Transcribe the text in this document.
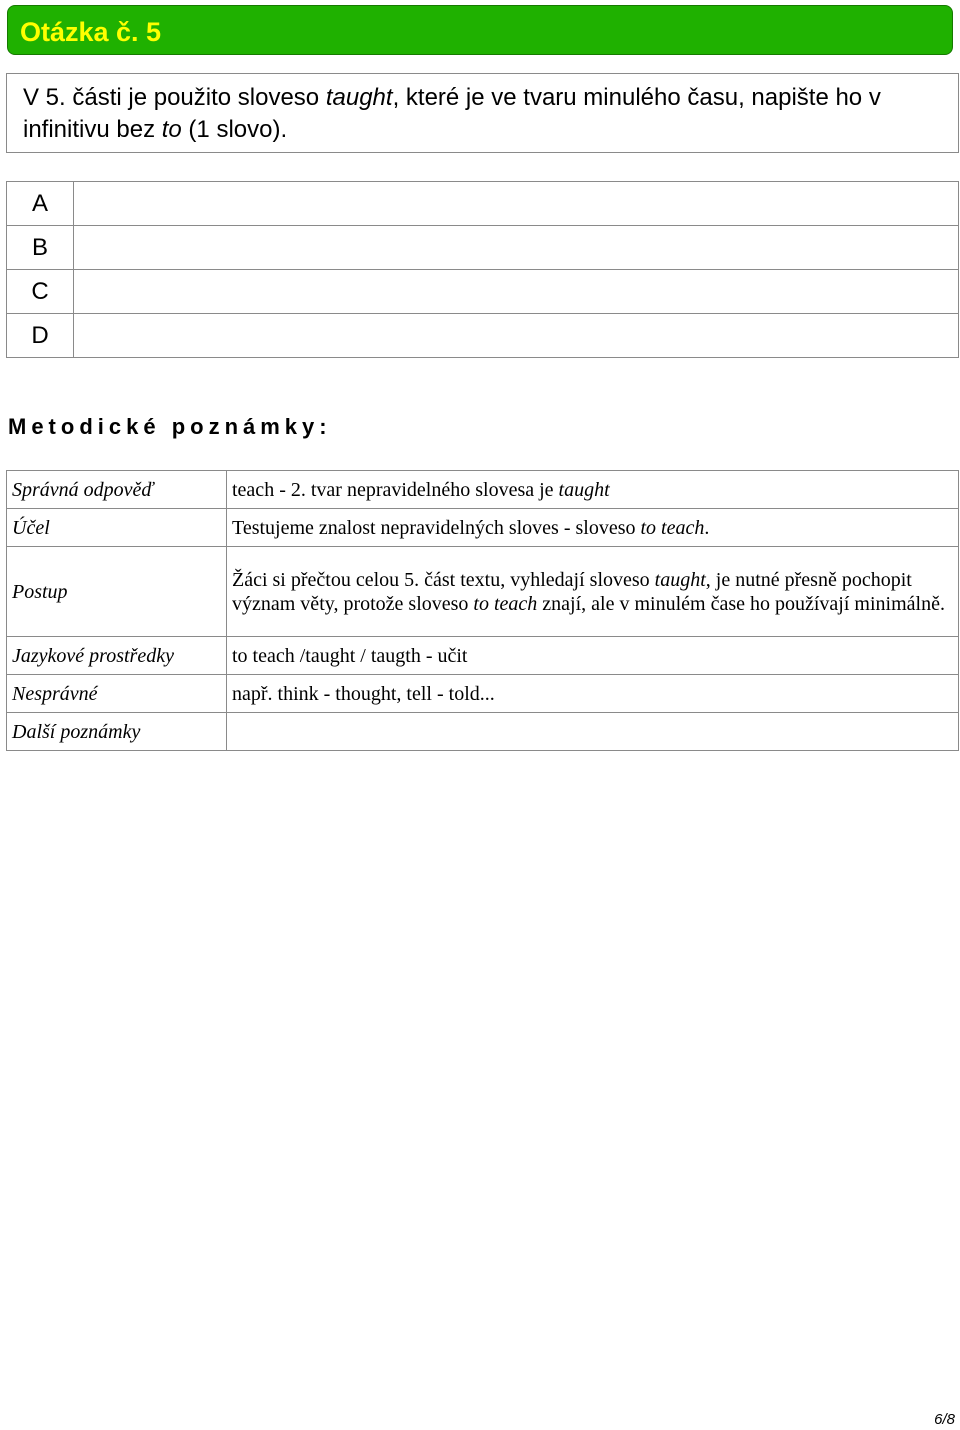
Otázka č. 5
V 5. části je použito sloveso taught, které je ve tvaru minulého času, napište ho v infinitivu bez to (1 slovo).
A	
B	
C	
D	
Metodické poznámky:
Správná odpověď	teach - 2. tvar nepravidelného slovesa je taught
Účel	Testujeme znalost nepravidelných sloves - sloveso to teach.
Postup	Žáci si přečtou celou 5. část textu, vyhledají sloveso taught, je nutné přesně pochopit význam věty, protože sloveso to teach znají, ale v minulém čase ho používají minimálně.
Jazykové prostředky	to teach /taught / taugth - učit
Nesprávné	např. think - thought, tell - told...
Další poznámky	
6/8
